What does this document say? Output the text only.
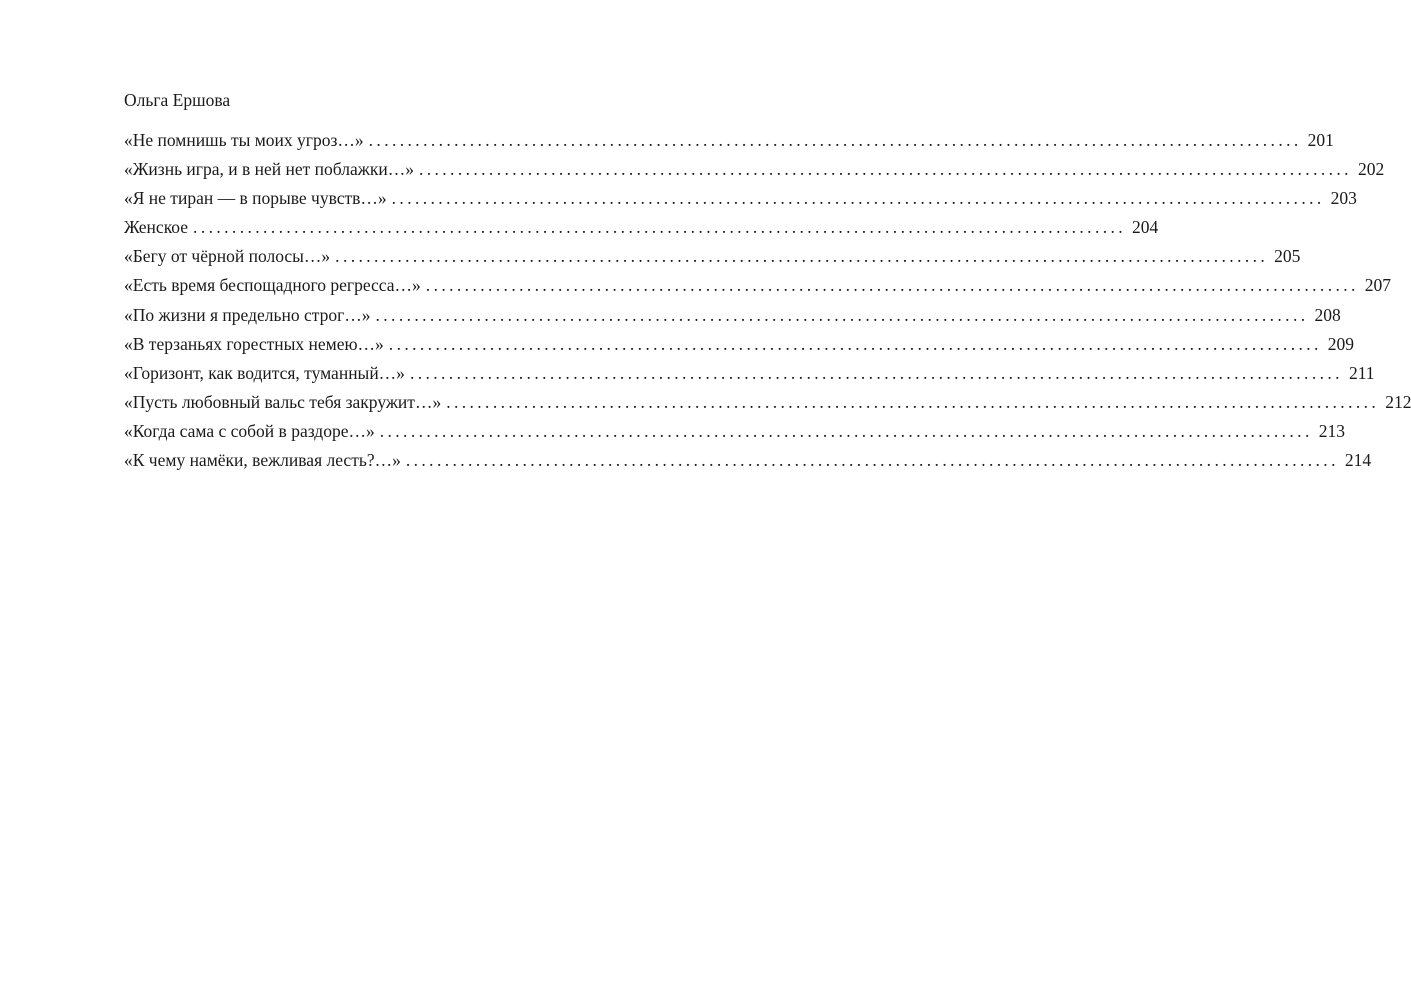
Ольга Ершова
«Не помнишь ты моих угроз…» ........................................................................................................................ 201
«Жизнь игра, и в ней нет поблажки…» ........................................................................................................................ 202
«Я не тиран — в порыве чувств…» ........................................................................................................................ 203
Женское ........................................................................................................................ 204
«Бегу от чёрной полосы…» ........................................................................................................................ 205
«Есть время беспощадного регресса…» ........................................................................................................................ 207
«По жизни я предельно строг…» ........................................................................................................................ 208
«В терзаньях горестных немею…» ........................................................................................................................ 209
«Горизонт, как водится, туманный…» ........................................................................................................................ 211
«Пусть любовный вальс тебя закружит…» ........................................................................................................................ 212
«Когда сама с собой в раздоре…» ........................................................................................................................ 213
«К чему намёки, вежливая лесть?…» ........................................................................................................................ 214
